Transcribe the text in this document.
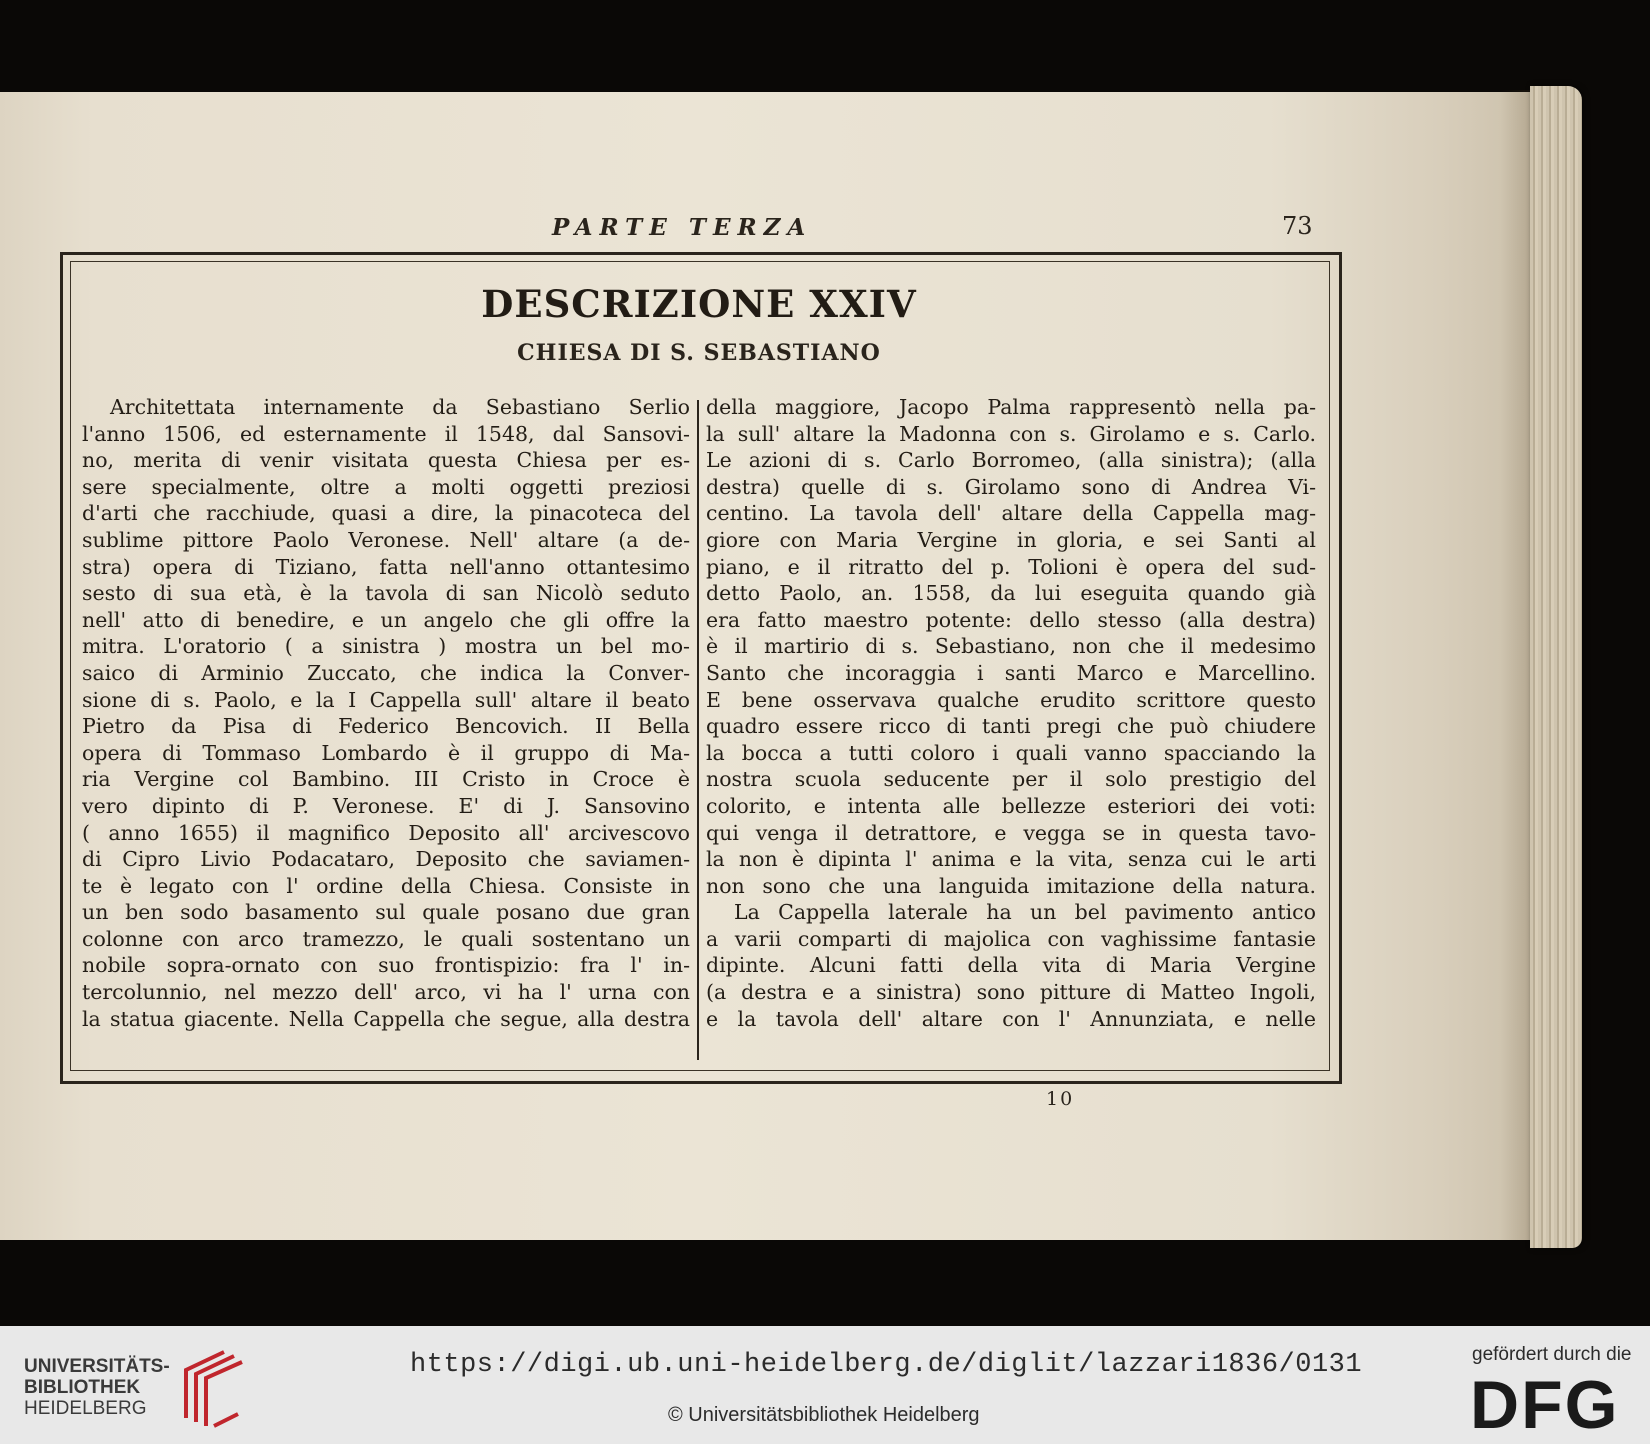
PARTE TERZA	73
DESCRIZIONE XXIV
CHIESA DI S. SEBASTIANO
Architettata internamente da Sebastiano Serlio
l'anno 1506, ed esternamente il 1548, dal Sansovi-
no, merita di venir visitata questa Chiesa per es-
sere specialmente, oltre a molti oggetti preziosi
d'arti che racchiude, quasi a dire, la pinacoteca del
sublime pittore Paolo Veronese. Nell' altare (a de-
stra) opera di Tiziano, fatta nell'anno ottantesimo
sesto di sua età, è la tavola di san Nicolò seduto
nell' atto di benedire, e un angelo che gli offre la
mitra. L'oratorio ( a sinistra ) mostra un bel mo-
saico di Arminio Zuccato, che indica la Conver-
sione di s. Paolo, e la I Cappella sull' altare il beato
Pietro da Pisa di Federico Bencovich. II Bella
opera di Tommaso Lombardo è il gruppo di Ma-
ria Vergine col Bambino. III Cristo in Croce è
vero dipinto di P. Veronese. E' di J. Sansovino
( anno 1655) il magnifico Deposito all' arcivescovo
di Cipro Livio Podacataro, Deposito che saviamen-
te è legato con l' ordine della Chiesa. Consiste in
un ben sodo basamento sul quale posano due gran
colonne con arco tramezzo, le quali sostentano un
nobile sopra-ornato con suo frontispizio: fra l' in-
tercolunnio, nel mezzo dell' arco, vi ha l' urna con
la statua giacente. Nella Cappella che segue, alla destra
della maggiore, Jacopo Palma rappresentò nella pa-
la sull' altare la Madonna con s. Girolamo e s. Carlo.
Le azioni di s. Carlo Borromeo, (alla sinistra); (alla
destra) quelle di s. Girolamo sono di Andrea Vi-
centino. La tavola dell' altare della Cappella mag-
giore con Maria Vergine in gloria, e sei Santi al
piano, e il ritratto del p. Tolioni è opera del sud-
detto Paolo, an. 1558, da lui eseguita quando già
era fatto maestro potente: dello stesso (alla destra)
è il martirio di s. Sebastiano, non che il medesimo
Santo che incoraggia i santi Marco e Marcellino.
E bene osservava qualche erudito scrittore questo
quadro essere ricco di tanti pregi che può chiudere
la bocca a tutti coloro i quali vanno spacciando la
nostra scuola seducente per il solo prestigio del
colorito, e intenta alle bellezze esteriori dei voti:
qui venga il detrattore, e vegga se in questa tavo-
la non è dipinta l' anima e la vita, senza cui le arti
non sono che una languida imitazione della natura.
La Cappella laterale ha un bel pavimento antico
a varii comparti di majolica con vaghissime fantasie
dipinte. Alcuni fatti della vita di Maria Vergine
(a destra e a sinistra) sono pitture di Matteo Ingoli,
e la tavola dell' altare con l' Annunziata, e nelle
10
UNIVERSITÄTS-
BIBLIOTHEK
HEIDELBERG
https://digi.ub.uni-heidelberg.de/diglit/lazzari1836/0131
© Universitätsbibliothek Heidelberg
gefördert durch die
DFG
